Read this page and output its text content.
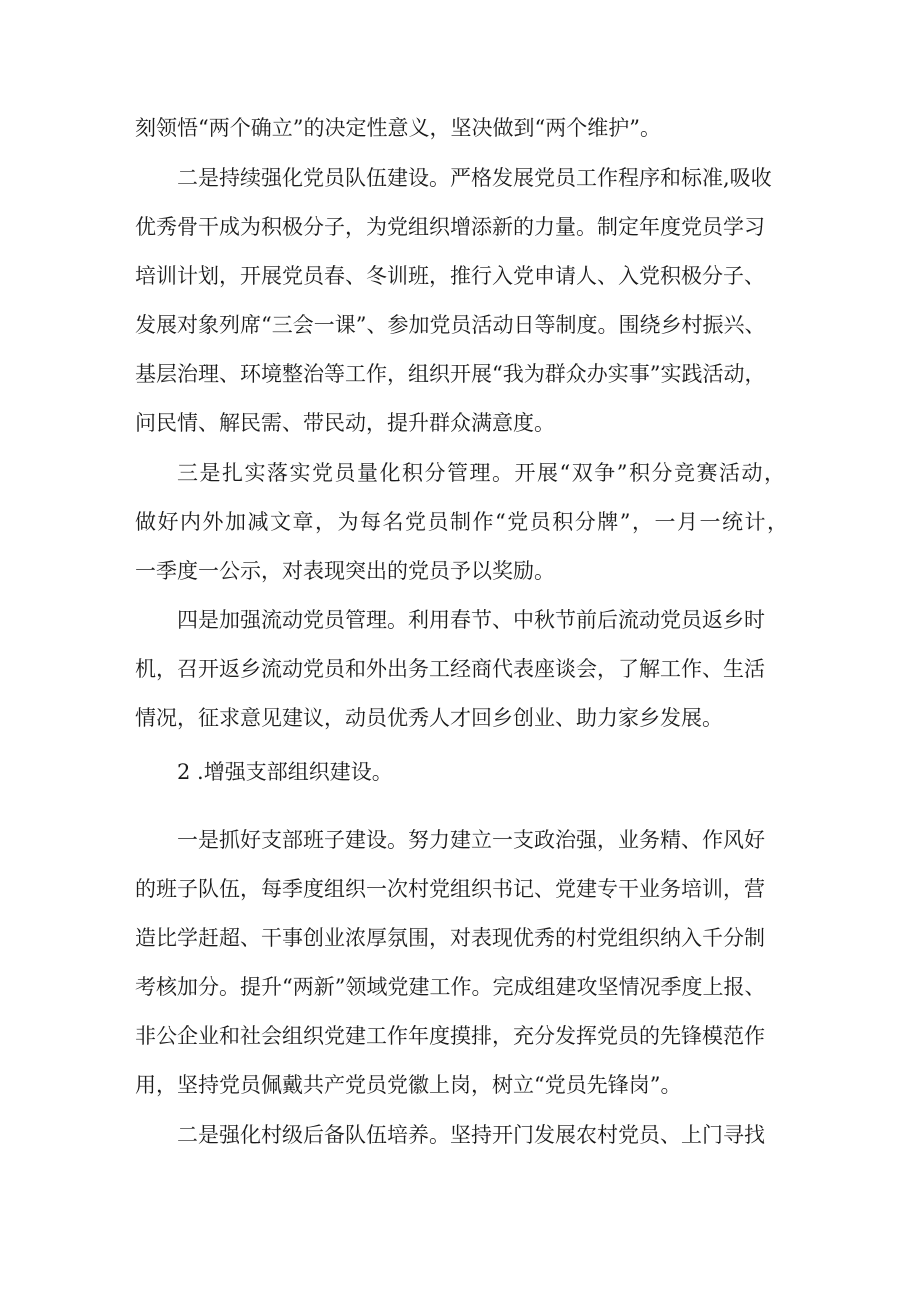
刻领悟“两个确立”的决定性意义，坚决做到“两个维护”。
二是持续强化党员队伍建设。严格发展党员工作程序和标准,吸收
优秀骨干成为积极分子，为党组织增添新的力量。制定年度党员学习
培训计划，开展党员春、冬训班，推行入党申请人、入党积极分子、
发展对象列席“三会一课”、参加党员活动日等制度。围绕乡村振兴、
基层治理、环境整治等工作，组织开展“我为群众办实事”实践活动，
问民情、解民需、带民动，提升群众满意度。
三是扎实落实党员量化积分管理。开展“双争”积分竞赛活动，
做好内外加减文章，为每名党员制作“党员积分牌”，一月一统计，
一季度一公示，对表现突出的党员予以奖励。
四是加强流动党员管理。利用春节、中秋节前后流动党员返乡时
机，召开返乡流动党员和外出务工经商代表座谈会，了解工作、生活
情况，征求意见建议，动员优秀人才回乡创业、助力家乡发展。
2 .增强支部组织建设。
一是抓好支部班子建设。努力建立一支政治强，业务精、作风好
的班子队伍，每季度组织一次村党组织书记、党建专干业务培训，营
造比学赶超、干事创业浓厚氛围，对表现优秀的村党组织纳入千分制
考核加分。提升“两新”领域党建工作。完成组建攻坚情况季度上报、
非公企业和社会组织党建工作年度摸排，充分发挥党员的先锋模范作
用，坚持党员佩戴共产党员党徽上岗，树立“党员先锋岗”。
二是强化村级后备队伍培养。坚持开门发展农村党员、上门寻找
